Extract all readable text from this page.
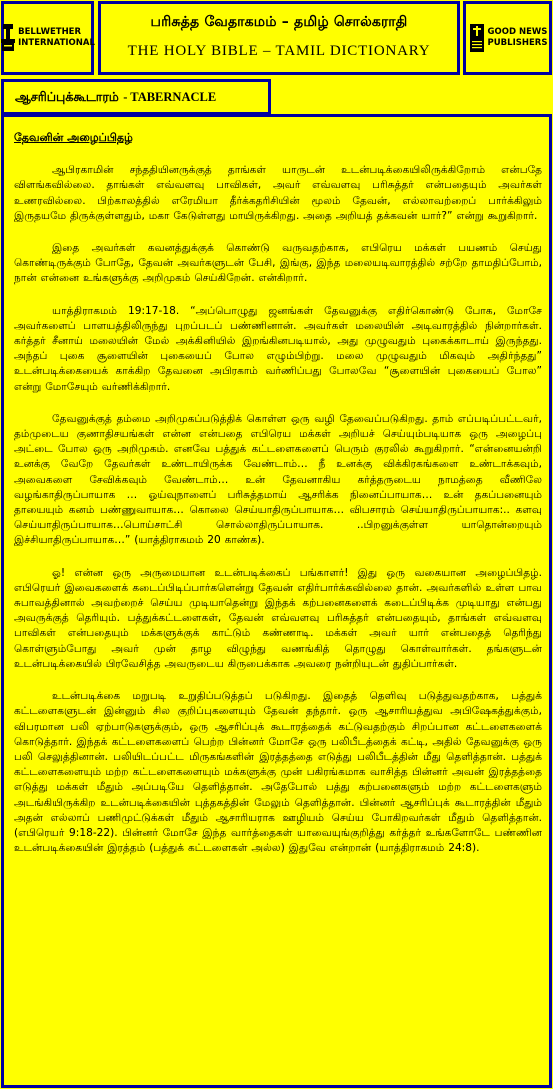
BELLWETHER
INTERNATIONAL
பரிசுத்த வேதாகமம் – தமிழ் சொல்கராதி
THE HOLY BIBLE – TAMIL DICTIONARY
GOOD NEWS
PUBLISHERS
ஆசரிப்புக்கூடாரம்
- TABERNACLE
தேவனின் அழைப்பிதழ்

ஆபிரகாமின் சந்ததியினருக்குத் தாங்கள் யாருடன் உடன்படிக்கையிலிருக்கிறோம் என்பதே விளங்கவில்லை. தாங்கள் எவ்வளவு பாவிகள், அவர் எவ்வளவு பரிசுத்தர் என்பதையும் அவர்கள் உணரவில்லை. பிற்காலத்தில் எரேமியா தீர்க்கதரிசியின் மூலம் தேவன், எல்லாவற்றைப் பார்க்கிலும் இருதயமே திருக்குள்ளதும், மகா கேடுள்ளது மாயிருக்கிறது. அதை அறியத் தக்கவன் யார்?” என்று கூறுகிறார்.

இதை அவர்கள் கவனத்துக்குக் கொண்டு வருவதற்காக, எபிரெய மக்கள் பயணம் செய்து கொண்டிருக்கும் போதே, தேவன் அவர்களுடன் பேசி, இங்கு, இந்த மலையடிவாரத்தில் சற்றே தாமதிப்போம், நான் என்னை உங்களுக்கு அறிமுகம் செய்கிறேன். என்கிறார்.

யாத்திராகமம் 19:17-18. “அப்பொழுது ஜனங்கள் தேவனுக்கு எதிர்கொண்டு போக, மோசே அவர்களைப் பாளயத்திலிருந்து புறப்படப் பண்ணினான். அவர்கள் மலையின் அடிவாரத்தில் நின்றார்கள். கர்த்தர் சீனாய் மலையின் மேல் அக்கினியில் இறங்கினபடியால், அது முழுவதும் புகைக்காடாய் இருந்தது. அந்தப் புகை சூளையின் புகையைப் போல எழும்பிற்று. மலை முழுவதும் மிகவும் அதிர்ந்தது” உடன்படிக்கையைக் காக்கிற தேவனை அபிரகாம் வர்ணிப்பது போலவே “சூளையின் புகையைப் போல” என்று மோசேயும் வர்ணிக்கிறார்.

தேவனுக்குத் தம்மை அறிமுகப்படுத்திக் கொள்ள ஒரு வழி தேவைப்படுகிறது. தாம் எப்படிப்பட்டவர், தம்முடைய குணாதிசயங்கள் என்ன என்பதை எபிரெய மக்கள் அறியச் செய்யும்படியாக ஒரு அழைப்பு அட்டை போல ஒரு அறிமுகம். எனவே பத்துக் கட்டளைகளைப் பெரும் குரலில் கூறுகிறார். “என்னையன்றி உனக்கு வேறே தேவர்கள் உண்டாயிருக்க வேண்டாம்… நீ உனக்கு விக்கிரகங்களை உண்டாக்கவும், அவைகளை சேவிக்கவும் வேண்டாம்… உன் தேவனாகிய கர்த்தருடைய நாமத்தை வீணிலே வழங்காதிருப்பாயாக … ஓய்வுநாளைப் பரிசுத்தமாய் ஆசரிக்க நினைப்பாயாக… உன் தகப்பனையும் தாயையும் கனம் பண்ணுவாயாக… கொலை செய்யாதிருப்பாயாக… விபசாரம் செய்யாதிருப்பாயாக:.. களவு செய்யாதிருப்பாயாக…பொய்சாட்சி சொல்லாதிருப்பாயாக. ..பிறனுக்குள்ள யாதொன்றையும் இச்சியாதிருப்பாயாக…” (யாத்திராகமம் 20 காண்க).

ஓ! என்ன ஒரு அருமையான உடன்படிக்கைப் பங்காளர்! இது ஒரு வகையான அழைப்பிதழ். எபிரெயர் இவைகளைக் கடைப்பிடிப்பார்களென்று தேவன் எதிர்பார்க்கவில்லை தான். அவர்களில் உள்ள பாவ சுபாவத்தினால் அவற்றைச் செய்ய முடியாதென்று இந்தக் கற்பனைகளைக் கடைப்பிடிக்க முடியாது என்பது அவருக்குத் தெரியும். பத்துக்கட்டளைகள், தேவன் எவ்வளவு பரிசுத்தர் என்பதையும், தாங்கள் எவ்வளவு பாவிகள் என்பதையும் மக்களுக்குக் காட்டும் கண்ணாடி. மக்கள் அவர் யார் என்பதைத் தெரிந்து கொள்ளும்போது அவர் முன் தாழ விழுந்து வணங்கித் தொழுது கொள்வார்கள். தங்களுடன் உடன்படிக்கையில் பிரவேசித்த அவருடைய கிருபைக்காக அவரை நன்றியுடன் துதிப்பார்கள்.

உடன்படிக்கை மறுபடி உறுதிப்படுத்தப் படுகிறது. இதைத் தெளிவு படுத்துவதற்காக, பத்துக் கட்டளைகளுடன் இன்னும் சில குறிப்புகளையும் தேவன் தந்தார். ஒரு ஆசாரியத்துவ அபிஷேகத்துக்கும், விபரமான பலி ஏற்பாடுகளுக்கும், ஒரு ஆசரிப்புக் கூடாரத்தைக் கட்டுவதற்கும் சிறப்பான கட்டளைகளைக் கொடுத்தார். இந்தக் கட்டளைகளைப் பெற்ற பின்னர் மோசே ஒரு பலிபீடத்தைக் கட்டி, அதில் தேவனுக்கு ஒரு பலி செலுத்தினான். பலியிடப்பட்ட மிருகங்களின் இரத்தத்தை எடுத்து பலிபீடத்தின் மீது தெளித்தான். பத்துக் கட்டளைகளையும் மற்ற கட்டளைகளையும் மக்களுக்கு முன் பகிரங்கமாக வாசித்த பின்னர் அவன் இரத்தத்தை எடுத்து மக்கள் மீதும் அப்படியே தெளித்தான். அதேபோல் பத்து கற்பனைகளும் மற்ற கட்டளைகளும் அடங்கியிருக்கிற உடன்படிக்கையின் புத்தகத்தின் மேலும் தெளித்தான். பின்னர் ஆசரிப்புக் கூடாரத்தின் மீதும் அதன் எல்லாப் பணிமுட்டுக்கள் மீதும் ஆசாரியராக ஊழியம் செய்ய போகிறவர்கள் மீதும் தெளித்தான். (எபிரெயர் 9:18-22). பின்னர் மோசே இந்த வார்த்தைகள் யாவையுங்குறித்து கர்த்தர் உங்களோடே பண்ணின உடன்படிக்கையின் இரத்தம் (பத்துக் கட்டளைகள் அல்ல) இதுவே என்றான் (யாத்திராகமம் 24:8).
